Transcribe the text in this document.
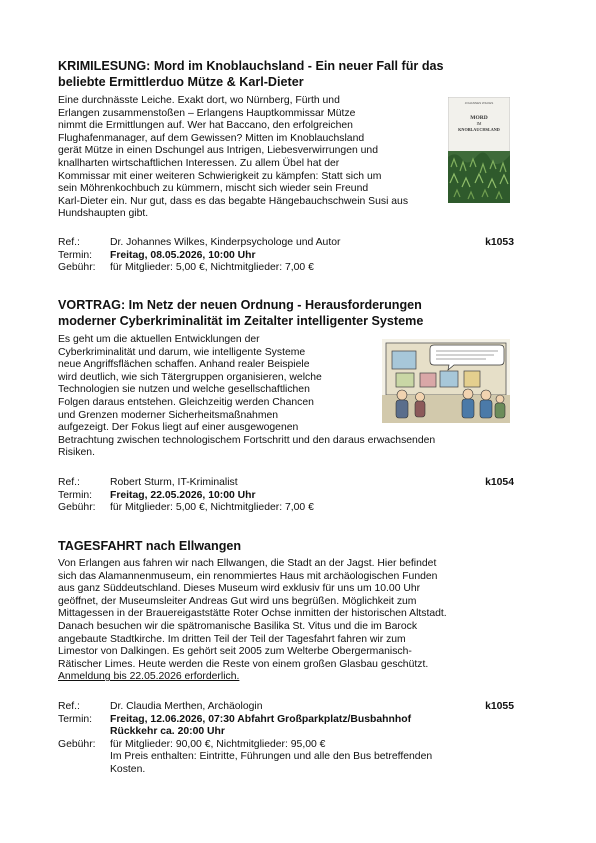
KRIMILESUNG: Mord im Knoblauchsland - Ein neuer Fall für das
beliebte Ermittlerduo Mütze & Karl-Dieter
Eine durchnässte Leiche. Exakt dort, wo Nürnberg, Fürth und
Erlangen zusammenstoßen – Erlangens Hauptkommissar Mütze
nimmt die Ermittlungen auf. Wer hat Baccano, den erfolgreichen
Flughafenmanager, auf dem Gewissen? Mitten im Knoblauchsland
gerät Mütze in einen Dschungel aus Intrigen, Liebesverwirrungen und
knallharten wirtschaftlichen Interessen. Zu allem Übel hat der
Kommissar mit einer weiteren Schwierigkeit zu kämpfen: Statt sich um
sein Möhrenkochbuch zu kümmern, mischt sich wieder sein Freund
Karl-Dieter ein. Nur gut, dass es das begabte Hängebauchschwein Susi aus
Hundshaupten gibt.
JOHANNES WILKES
MORD
IM
KNOBLAUCHSLAND
Ref.:	Dr. Johannes Wilkes, Kinderpsychologe und Autor	k1053
Termin: Freitag, 08.05.2026, 10:00 Uhr
Gebühr: für Mitglieder: 5,00 €, Nichtmitglieder: 7,00 €
VORTRAG: Im Netz der neuen Ordnung - Herausforderungen
moderner Cyberkriminalität im Zeitalter intelligenter Systeme
Es geht um die aktuellen Entwicklungen der
Cyberkriminalität und darum, wie intelligente Systeme
neue Angriffsflächen schaffen. Anhand realer Beispiele
wird deutlich, wie sich Tätergruppen organisieren, welche
Technologien sie nutzen und welche gesellschaftlichen
Folgen daraus entstehen. Gleichzeitig werden Chancen
und Grenzen moderner Sicherheitsmaßnahmen
aufgezeigt. Der Fokus liegt auf einer ausgewogenen
Betrachtung zwischen technologischem Fortschritt und den daraus erwachsenden
Risiken.
Ref.:	Robert Sturm, IT-Kriminalist	k1054
Termin: Freitag, 22.05.2026, 10:00 Uhr
Gebühr: für Mitglieder: 5,00 €, Nichtmitglieder: 7,00 €
TAGESFAHRT nach Ellwangen
Von Erlangen aus fahren wir nach Ellwangen, die Stadt an der Jagst. Hier befindet
sich das Alamannenmuseum, ein renommiertes Haus mit archäologischen Funden
aus ganz Süddeutschland. Dieses Museum wird exklusiv für uns um 10.00 Uhr
geöffnet, der Museumsleiter Andreas Gut wird uns begrüßen. Möglichkeit zum
Mittagessen in der Brauereigaststätte Roter Ochse inmitten der historischen Altstadt.
Danach besuchen wir die spätromanische Basilika St. Vitus und die im Barock
angebaute Stadtkirche. Im dritten Teil der Teil der Tagesfahrt fahren wir zum
Limestor von Dalkingen. Es gehört seit 2005 zum Welterbe Obergermanisch-
Rätischer Limes. Heute werden die Reste von einem großen Glasbau geschützt.
Anmeldung bis 22.05.2026 erforderlich.
Ref.:	Dr. Claudia Merthen, Archäologin	k1055
Termin: Freitag, 12.06.2026, 07:30 Abfahrt Großparkplatz/Busbahnhof
Rückkehr ca. 20:00 Uhr
Gebühr: für Mitglieder: 90,00 €, Nichtmitglieder: 95,00 €
Im Preis enthalten: Eintritte, Führungen und alle den Bus betreffenden
Kosten.
